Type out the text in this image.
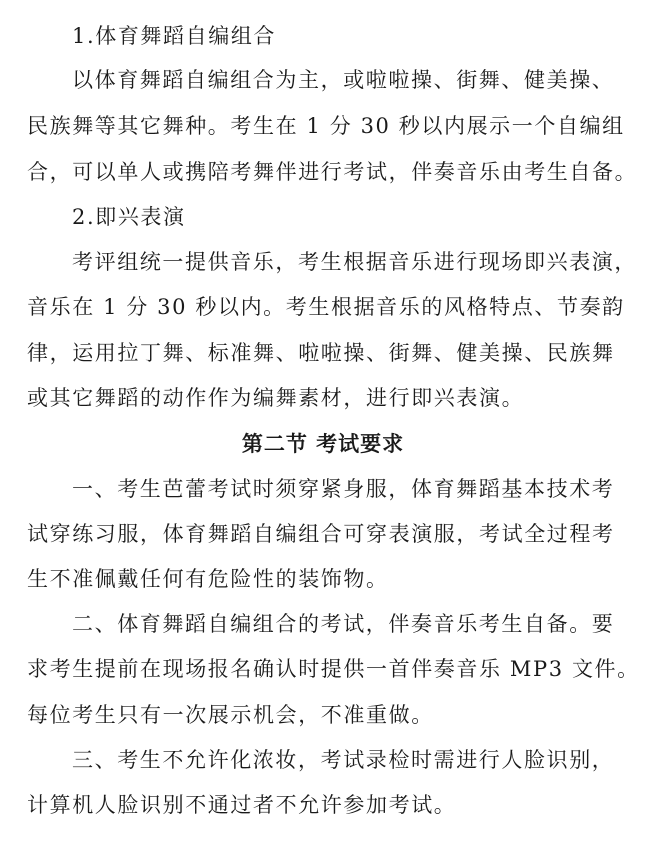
1.体育舞蹈自编组合
以体育舞蹈自编组合为主，或啦啦操、街舞、健美操、
民族舞等其它舞种。考生在 1 分 30 秒以内展示一个自编组
合，可以单人或携陪考舞伴进行考试，伴奏音乐由考生自备。
2.即兴表演
考评组统一提供音乐，考生根据音乐进行现场即兴表演，
音乐在 1 分 30 秒以内。考生根据音乐的风格特点、节奏韵
律，运用拉丁舞、标准舞、啦啦操、街舞、健美操、民族舞
或其它舞蹈的动作作为编舞素材，进行即兴表演。
第二节 考试要求
一、考生芭蕾考试时须穿紧身服，体育舞蹈基本技术考
试穿练习服，体育舞蹈自编组合可穿表演服，考试全过程考
生不准佩戴任何有危险性的装饰物。
二、体育舞蹈自编组合的考试，伴奏音乐考生自备。要
求考生提前在现场报名确认时提供一首伴奏音乐 MP3 文件。
每位考生只有一次展示机会，不准重做。
三、考生不允许化浓妆，考试录检时需进行人脸识别，
计算机人脸识别不通过者不允许参加考试。
